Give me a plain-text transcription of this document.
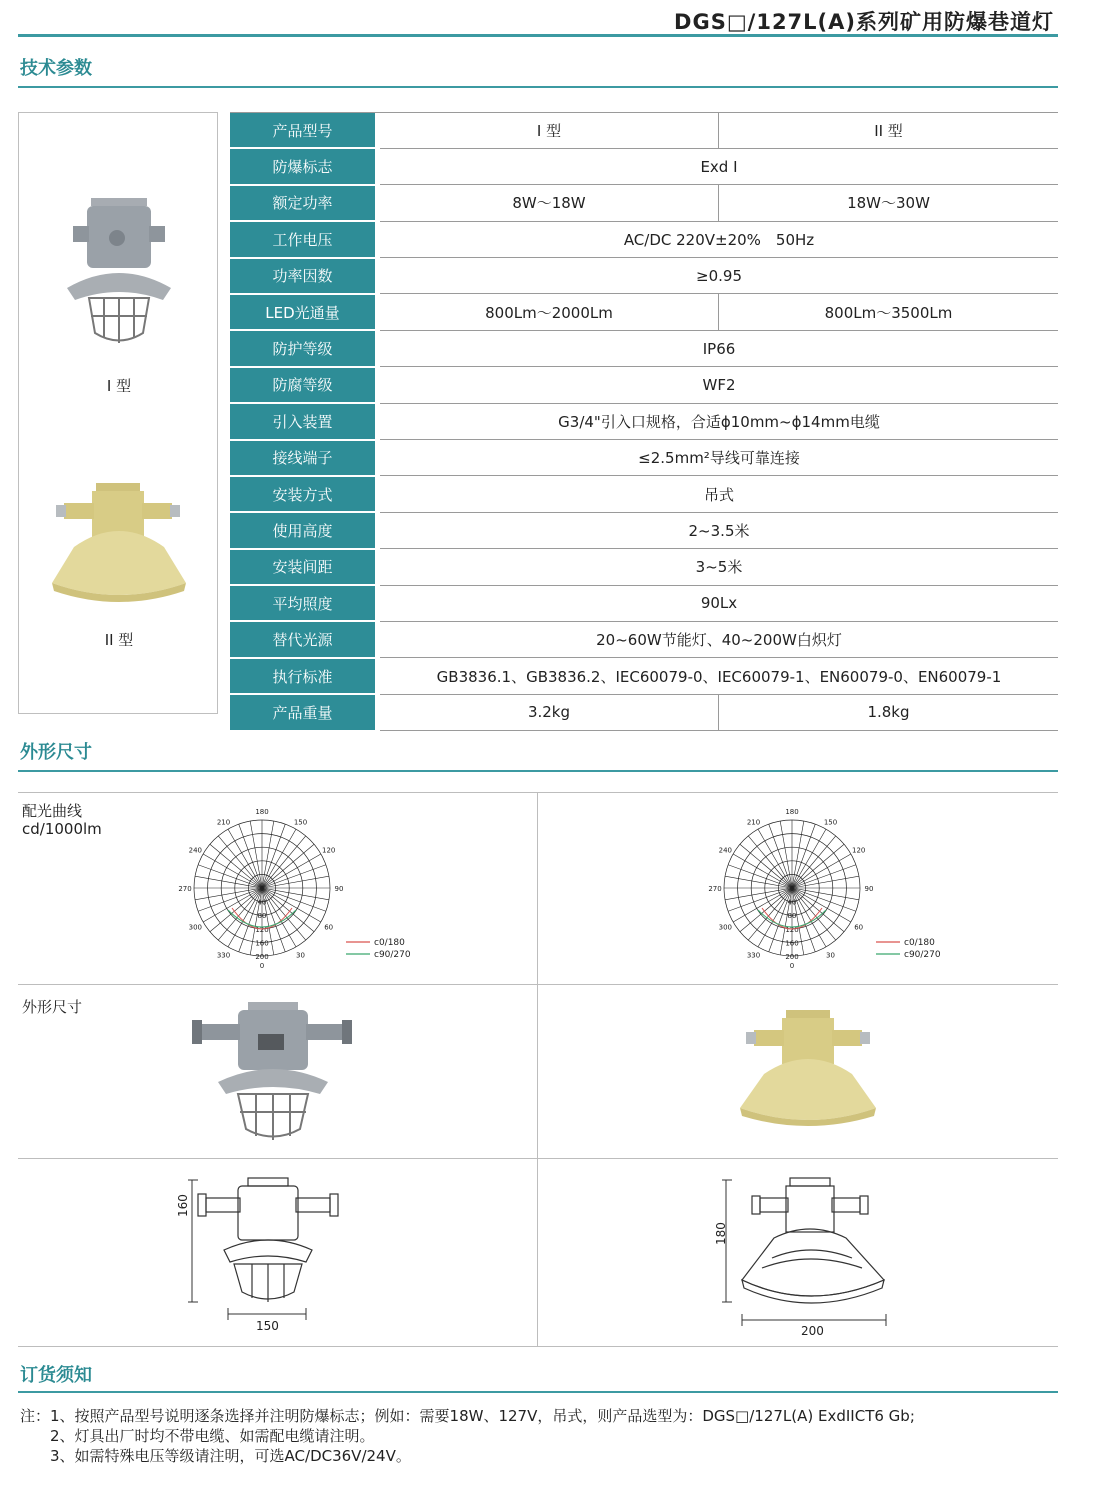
DGS□/127L(A)系列矿用防爆巷道灯
技术参数
I 型
II 型
产品型号		I 型	II 型
防爆标志		Exd I	
额定功率		8W～18W	18W～30W
工作电压		AC/DC 220V±20%　50Hz	
功率因数		≥0.95	
LED光通量		800Lm～2000Lm	800Lm～3500Lm
防护等级		IP66	
防腐等级		WF2	
引入装置		G3/4"引入口规格，合适ϕ10mm~ϕ14mm电缆	
接线端子		≤2.5mm²导线可靠连接	
安装方式		吊式	
使用高度		2~3.5米	
安装间距		3~5米	
平均照度		90Lx	
替代光源		20~60W节能灯、40~200W白炽灯	
执行标准		GB3836.1、GB3836.2、IEC60079-0、IEC60079-1、EN60079-0、EN60079-1	
产品重量		3.2kg	1.8kg
外形尺寸
配光曲线
cd/1000lm
外形尺寸
180
150
120
90
60
30
0
330
300
270
240
210
0
40
80
120
160
200
c0/180
c90/270
180
150
120
90
60
30
0
330
300
270
240
210
0
40
80
120
160
200
c0/180
c90/270
160
150
180
200
订货须知
注：1、按照产品型号说明逐条选择并注明防爆标志；例如：需要18W、127V，吊式，则产品选型为：DGS□/127L(A) ExdIICT6 Gb;
　　2、灯具出厂时均不带电缆、如需配电缆请注明。
　　3、如需特殊电压等级请注明，可选AC/DC36V/24V。
